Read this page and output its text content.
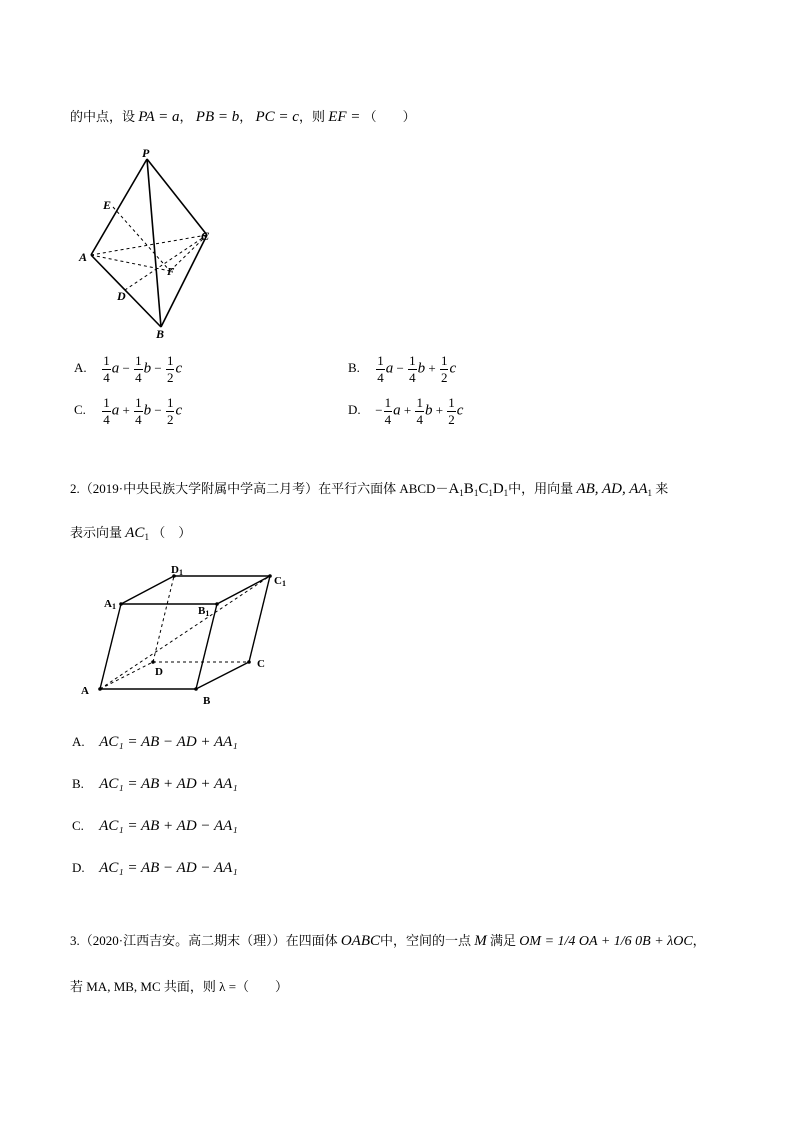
的中点，设 PA = a， PB = b， PC = c，则 EF = （　　）
P
E
C
A
F
D
B
A. $\frac{1}{4}$ $a - \frac{1}{4}$ $b - \frac{1}{2}$ c	B. $\frac{1}{4}$ $a - \frac{1}{4}$ $b + \frac{1}{2}$ c
C. $\frac{1}{4}$ $a + \frac{1}{4}$ $b - \frac{1}{2}$ c	D. − $\frac{1}{4}$ $a + \frac{1}{4}$ $b + \frac{1}{2}$ c
2.（2019·中央民族大学附属中学高二月考）在平行六面体 $ABCD-A_1B_1C_1D_1$中，用向量 AB, AD, $AA_1$ 来
表示向量 $AC_1$ （　）
D1
C1
A1	B1
D
C
A
B
A. AC₁ = AB − AD + AA₁
B. AC₁ = AB + AD + AA₁
C. AC₁ = AB + AD − AA₁
D. AC₁ = AB − AD − AA₁
3.（2020·江西吉安。高二期末（理））在四面体 OABC中，空间的一点 M 满足 OM = 1/4 OA + 1/6 0B + λOC，
若 MA, MB, MC 共面，则 λ =（　　）
